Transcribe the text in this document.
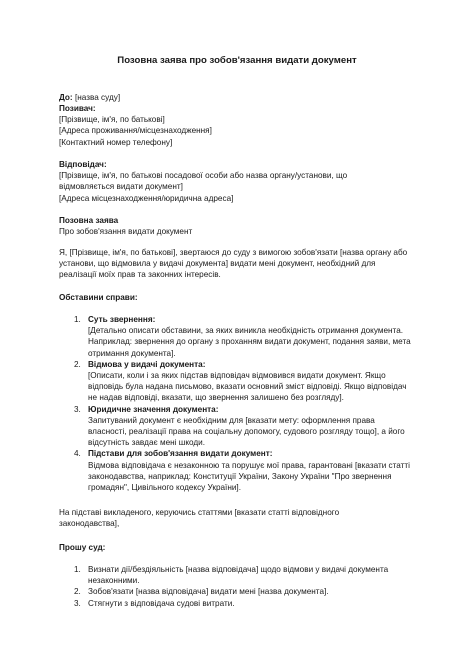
Позовна заява про зобов'язання видати документ
До: [назва суду]

Позивач:

[Прізвище, ім'я, по батькові]

[Адреса проживання/місцезнаходження]

[Контактний номер телефону]

Відповідач:

[Прізвище, ім'я, по батькові посадової особи або назва органу/установи, що відмовляється видати документ]

[Адреса місцезнаходження/юридична адреса]

Позовна заява

Про зобов'язання видати документ

Я, [Прізвище, ім'я, по батькові], звертаюся до суду з вимогою зобов'язати [назва органу або установи, що відмовила у видачі документа] видати мені документ, необхідний для реалізації моїх прав та законних інтересів.

Обставини справи:

1. Суть звернення:

[Детально описати обставини, за яких виникла необхідність отримання документа. Наприклад: звернення до органу з проханням видати документ, подання заяви, мета отримання документа].

2. Відмова у видачі документа:

[Описати, коли і за яких підстав відповідач відмовився видати документ. Якщо відповідь була надана письмово, вказати основний зміст відповіді. Якщо відповідач не надав відповіді, вказати, що звернення залишено без розгляду].

3. Юридичне значення документа:

Запитуваний документ є необхідним для [вказати мету: оформлення права власності, реалізації права на соціальну допомогу, судового розгляду тощо], а його відсутність завдає мені шкоди.

4. Підстави для зобов'язання видати документ:

Відмова відповідача є незаконною та порушує мої права, гарантовані [вказати статті законодавства, наприклад: Конституції України, Закону України "Про звернення громадян", Цивільного кодексу України].

На підставі викладеного, керуючись статтями [вказати статті відповідного законодавства],

Прошу суд:

1. Визнати дії/бездіяльність [назва відповідача] щодо відмови у видачі документа незаконними.

2. Зобов'язати [назва відповідача] видати мені [назва документа].

3. Стягнути з відповідача судові витрати.
